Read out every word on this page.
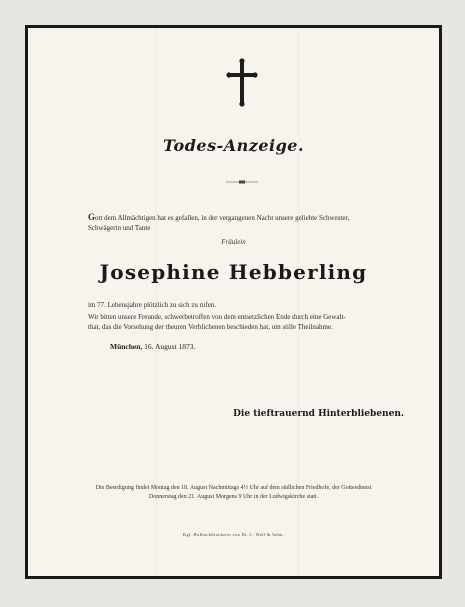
Todes-Anzeige.
Gott dem Allmächtigen hat es gefallen, in der vergangenen Nacht unsere geliebte Schwester,
Schwägerin und Tante
Fräulein
Josephine Hebberling
im 77. Lebensjahre plötzlich zu sich zu rufen.
Wir bitten unsere Freunde, schwerbetroffen von dem entsetzlichen Ende durch eine Gewalt-
that, das die Vorsehung der theuren Verblichenen beschieden hat, um stille Theilnahme.
München, 16. August 1873.
Die tieftrauernd Hinterbliebenen.
Die Beerdigung findet Montag den 18. August Nachmittags 4½ Uhr auf dem südlichen Friedhofe, der Gottesdienst
Donnerstag den 21. August Morgens 9 Uhr in der Ludwigskirche statt.
Kgl. Hofbuchdruckerei von Dr. C. Wolf & Sohn.
